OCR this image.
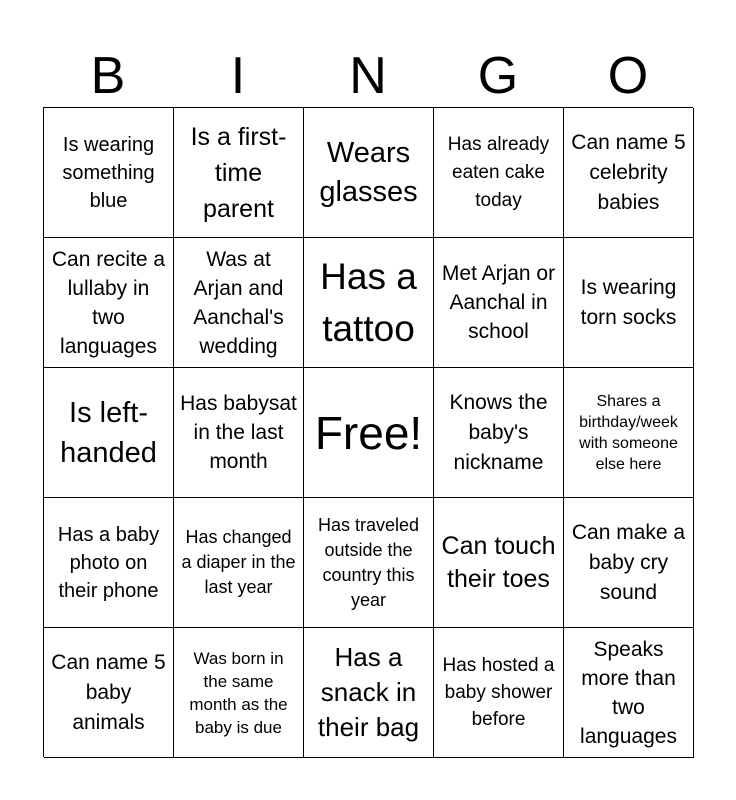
B	I	N	G	O
Is wearing something blue
Is a first-time parent
Wears glasses
Has already eaten cake today
Can name 5 celebrity babies
Can recite a lullaby in two languages
Was at Arjan and Aanchal's wedding
Has a tattoo
Met Arjan or Aanchal in school
Is wearing torn socks
Is left-handed
Has babysat in the last month
Free!
Knows the baby's nickname
Shares a birthday/week with someone else here
Has a baby photo on their phone
Has changed a diaper in the last year
Has traveled outside the country this year
Can touch their toes
Can make a baby cry sound
Can name 5 baby animals
Was born in the same month as the baby is due
Has a snack in their bag
Has hosted a baby shower before
Speaks more than two languages
